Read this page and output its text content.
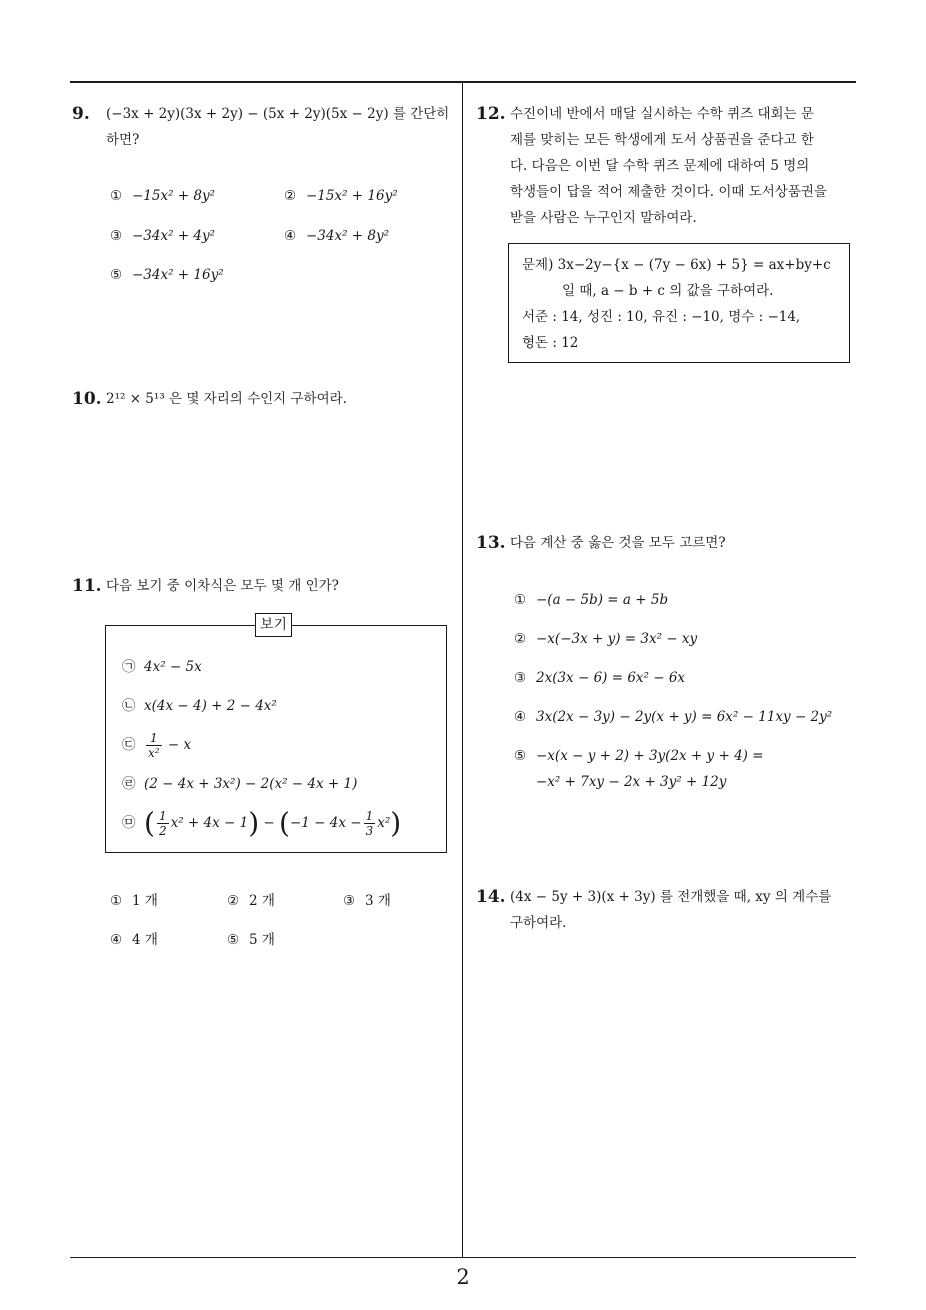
2
9. (−3x + 2y)(3x + 2y) − (5x + 2y)(5x − 2y) 를 간단히
하면?
① −15x² + 8y²	② −15x² + 16y²
③ −34x² + 4y²	④ −34x² + 8y²
⑤ −34x² + 16y²
10. 2¹² × 5¹³ 은 몇 자리의 수인지 구하여라.
11. 다음 보기 중 이차식은 모두 몇 개 인가?
보기
㉠ 4x² − 5x
㉡ x(4x − 4) + 2 − 4x²
㉢ $\frac{1}{\text{x²}} - x$
㉣ (2 − 4x + 3x²) − 2(x² − 4x + 1)
㉤ ( $\frac{1}{2} x^2 + 4x - 1) - (-1 - 4x - \frac{1}{3} x^2)$
① 1 개	② 2 개	③ 3 개
④ 4 개	⑤ 5 개
12. 수진이네 반에서 매달 실시하는 수학 퀴즈 대회는 문
제를 맞히는 모든 학생에게 도서 상품권을 준다고 한
다. 다음은 이번 달 수학 퀴즈 문제에 대하여 5 명의
학생들이 답을 적어 제출한 것이다. 이때 도서상품권을
받을 사람은 누구인지 말하여라.
문제) 3x−2y−{x − (7y − 6x) + 5} = ax+by+c
일 때, a − b + c 의 값을 구하여라.
서준 : 14, 성진 : 10, 유진 : −10, 명수 : −14,
형돈 : 12
13. 다음 계산 중 옳은 것을 모두 고르면?
① −(a − 5b) = a + 5b
② −x(−3x + y) = 3x² − xy
③ 2x(3x − 6) = 6x² − 6x
④ 3x(2x − 3y) − 2y(x + y) = 6x² − 11xy − 2y²
⑤ −x(x − y + 2) + 3y(2x + y + 4) =
−x² + 7xy − 2x + 3y² + 12y
14. (4x − 5y + 3)(x + 3y) 를 전개했을 때, xy 의 계수를
구하여라.
